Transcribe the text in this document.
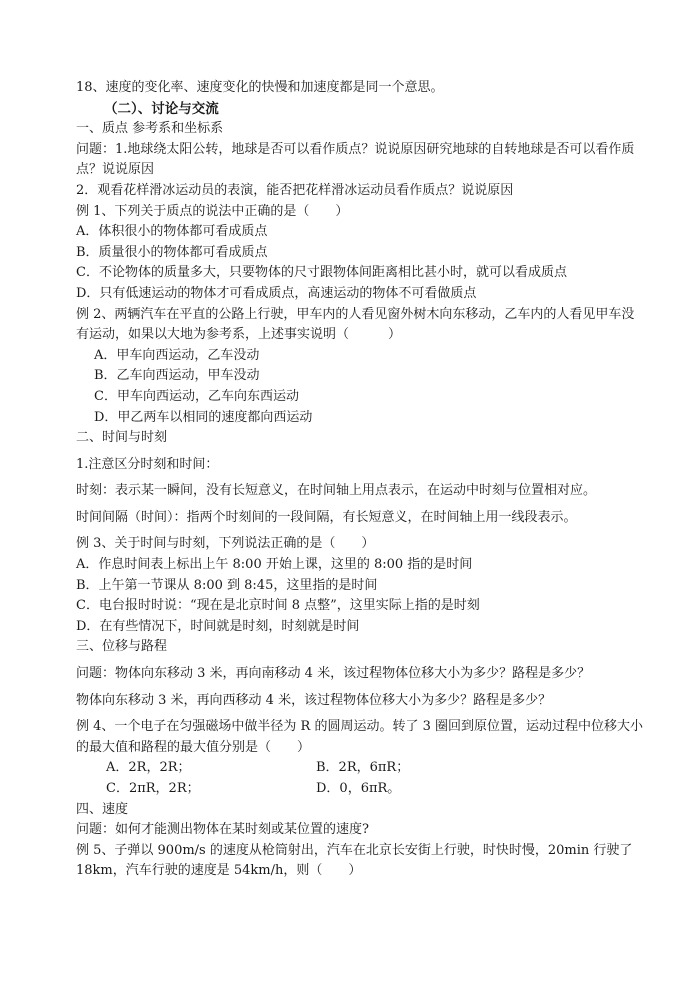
18、速度的变化率、速度变化的快慢和加速度都是同一个意思。
（二）、讨论与交流
一、质点 参考系和坐标系
问题：1.地球绕太阳公转，地球是否可以看作质点？说说原因研究地球的自转地球是否可以看作质点？说说原因
2．观看花样滑冰运动员的表演，能否把花样滑冰运动员看作质点？说说原因
例 1、下列关于质点的说法中正确的是（　　）
A．体积很小的物体都可看成质点
B．质量很小的物体都可看成质点
C．不论物体的质量多大，只要物体的尺寸跟物体间距离相比甚小时，就可以看成质点
D．只有低速运动的物体才可看成质点，高速运动的物体不可看做质点
例 2、两辆汽车在平直的公路上行驶，甲车内的人看见窗外树木向东移动，乙车内的人看见甲车没有运动，如果以大地为参考系，上述事实说明（　　　）
A．甲车向西运动，乙车没动
B．乙车向西运动，甲车没动
C．甲车向西运动，乙车向东西运动
D．甲乙两车以相同的速度都向西运动
二、时间与时刻
1.注意区分时刻和时间：
时刻：表示某一瞬间，没有长短意义，在时间轴上用点表示，在运动中时刻与位置相对应。
时间间隔（时间）：指两个时刻间的一段间隔，有长短意义，在时间轴上用一线段表示。
例 3、关于时间与时刻，下列说法正确的是（　　）
A．作息时间表上标出上午 8:00 开始上课，这里的 8:00 指的是时间
B．上午第一节课从 8:00 到 8:45，这里指的是时间
C．电台报时时说：“现在是北京时间 8 点整”，这里实际上指的是时刻
D．在有些情况下，时间就是时刻，时刻就是时间
三、位移与路程
问题：物体向东移动 3 米，再向南移动 4 米，该过程物体位移大小为多少？路程是多少？
物体向东移动 3 米，再向西移动 4 米，该过程物体位移大小为多少？路程是多少？
例 4、一个电子在匀强磁场中做半径为 R 的圆周运动。转了 3 圈回到原位置，运动过程中位移大小的最大值和路程的最大值分别是（　　）
A．2R，2R；	B．2R，6πR；
C．2πR，2R；	D．0，6πR。
四、速度
问题：如何才能测出物体在某时刻或某位置的速度?
例 5、子弹以 900m/s 的速度从枪筒射出，汽车在北京长安街上行驶，时快时慢，20min 行驶了 18km，汽车行驶的速度是 54km/h，则（　　）
